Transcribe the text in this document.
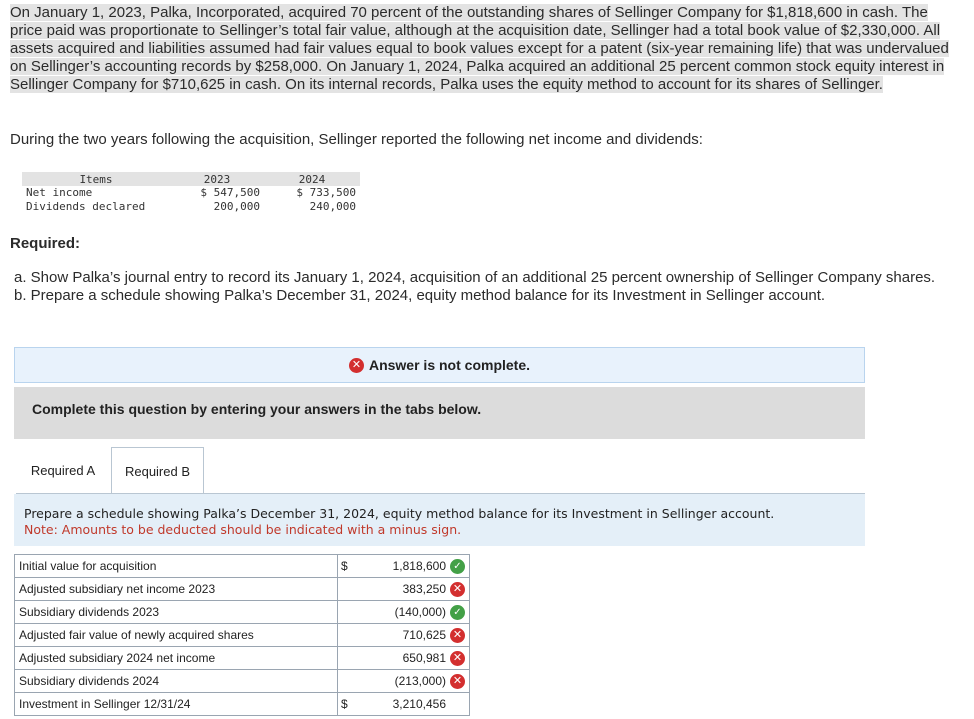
On January 1, 2023, Palka, Incorporated, acquired 70 percent of the outstanding shares of Sellinger Company for $1,818,600 in cash. The price paid was proportionate to Sellinger’s total fair value, although at the acquisition date, Sellinger had a total book value of $2,330,000. All assets acquired and liabilities assumed had fair values equal to book values except for a patent (six-year remaining life) that was undervalued on Sellinger’s accounting records by $258,000. On January 1, 2024, Palka acquired an additional 25 percent common stock equity interest in Sellinger Company for $710,625 in cash. On its internal records, Palka uses the equity method to account for its shares of Sellinger.
During the two years following the acquisition, Sellinger reported the following net income and dividends:
Items	2023	2024
Net income	$ 547,500	$ 733,500
Dividends declared	200,000	240,000
Required:
a. Show Palka’s journal entry to record its January 1, 2024, acquisition of an additional 25 percent ownership of Sellinger Company shares.
b. Prepare a schedule showing Palka’s December 31, 2024, equity method balance for its Investment in Sellinger account.
✕ Answer is not complete.
Complete this question by entering your answers in the tabs below.
Required A Required B
Prepare a schedule showing Palka’s December 31, 2024, equity method balance for its Investment in Sellinger account.
Note: Amounts to be deducted should be indicated with a minus sign.
Initial value for acquisition	$	1,818,600 ✓

Adjusted subsidiary net income 2023		383,250 ✕

Subsidiary dividends 2023		(140,000) ✓

Adjusted fair value of newly acquired shares		710,625 ✕

Adjusted subsidiary 2024 net income		650,981 ✕

Subsidiary dividends 2024		(213,000) ✕

Investment in Sellinger 12/31/24	$	3,210,456
